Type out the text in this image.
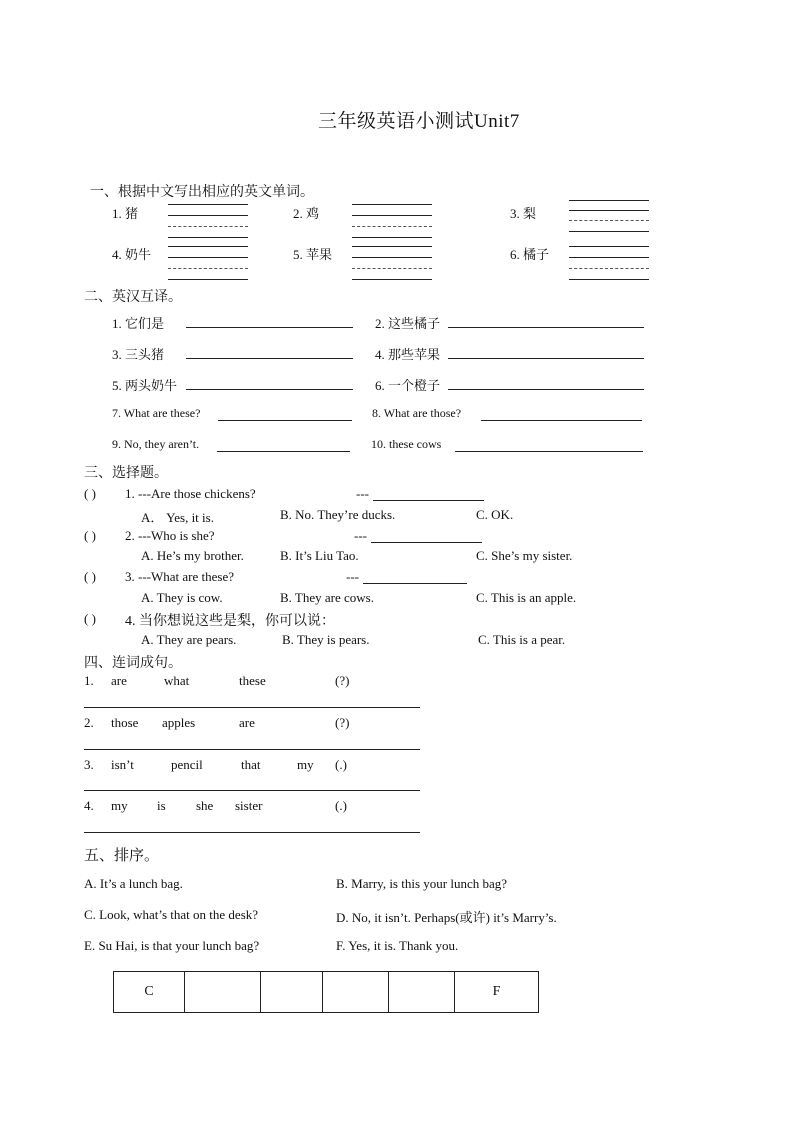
三年级英语小测试Unit7
一、根据中文写出相应的英文单词。
1. 猪	2. 鸡	3. 梨
4. 奶牛	5. 苹果	6. 橘子
二、英汉互译。
1. 它们是	2. 这些橘子
3. 三头猪	4. 那些苹果
5. 两头奶牛	6. 一个橙子
7. What are these?	8. What are those?
9. No, they aren’t.	10. these cows
三、选择题。
( ) 1. ---Are those chickens?	---
A． Yes, it is.	B. No. They’re ducks.	C. OK.
( ) 2. ---Who is she?	---
A. He’s my brother.	B. It’s Liu Tao.	C. She’s my sister.
( ) 3. ---What are these?	---
A. They is cow.	B. They are cows.	C. This is an apple.
( ) 4. 当你想说这些是梨，你可以说：
A. They are pears.	B. They is pears.	C. This is a pear.
四、连词成句。
1. are	what	these	(?)
2. those apples	are	(?)
3. isn’t	pencil	that	my (.)
4. my is she sister	(.)
五、排序。
A. It’s a lunch bag.	B. Marry, is this your lunch bag?
C. Look, what’s that on the desk?	D. No, it isn’t. Perhaps(或许) it’s Marry’s.
E. Su Hai, is that your lunch bag?	F. Yes, it is. Thank you.
C					F
